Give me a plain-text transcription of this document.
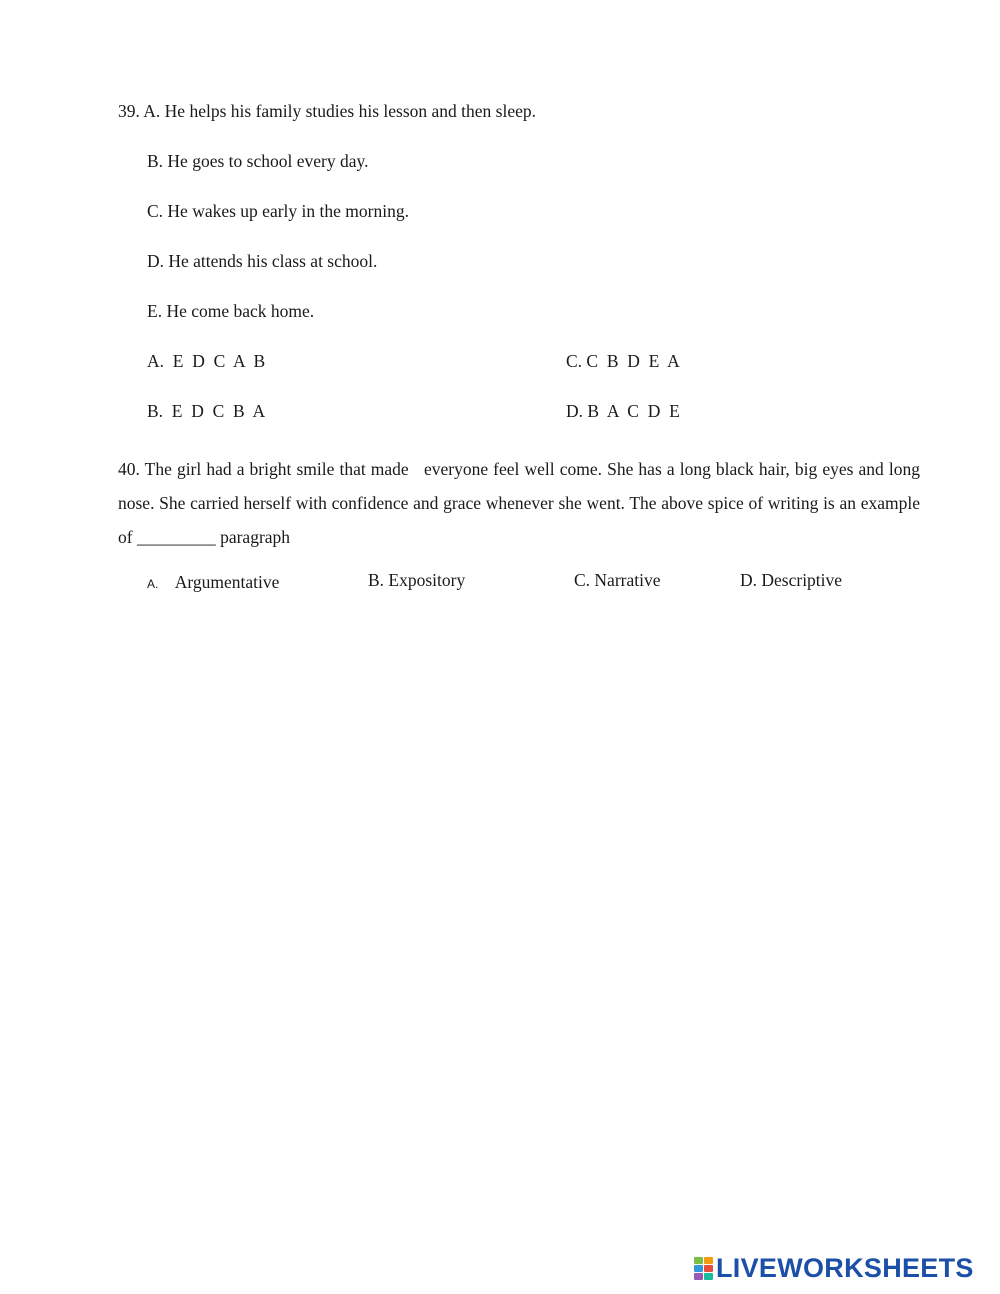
39. A. He helps his family studies his lesson and then sleep.
B. He goes to school every day.
C. He wakes up early in the morning.
D. He attends his class at school.
E. He come back home.
A.  E  D  C  A  B	C. C  B  D  E  A
B.  E  D  C  B  A	D. B  A  C  D  E
40. The girl had a bright smile that made   everyone feel well come. She has a long black hair, big eyes and long nose. She carried herself with confidence and grace whenever she went. The above spice of writing is an example of _________ paragraph
A. Argumentative	B. Expository	C. Narrative	D. Descriptive
LIVEWORKSHEETS
